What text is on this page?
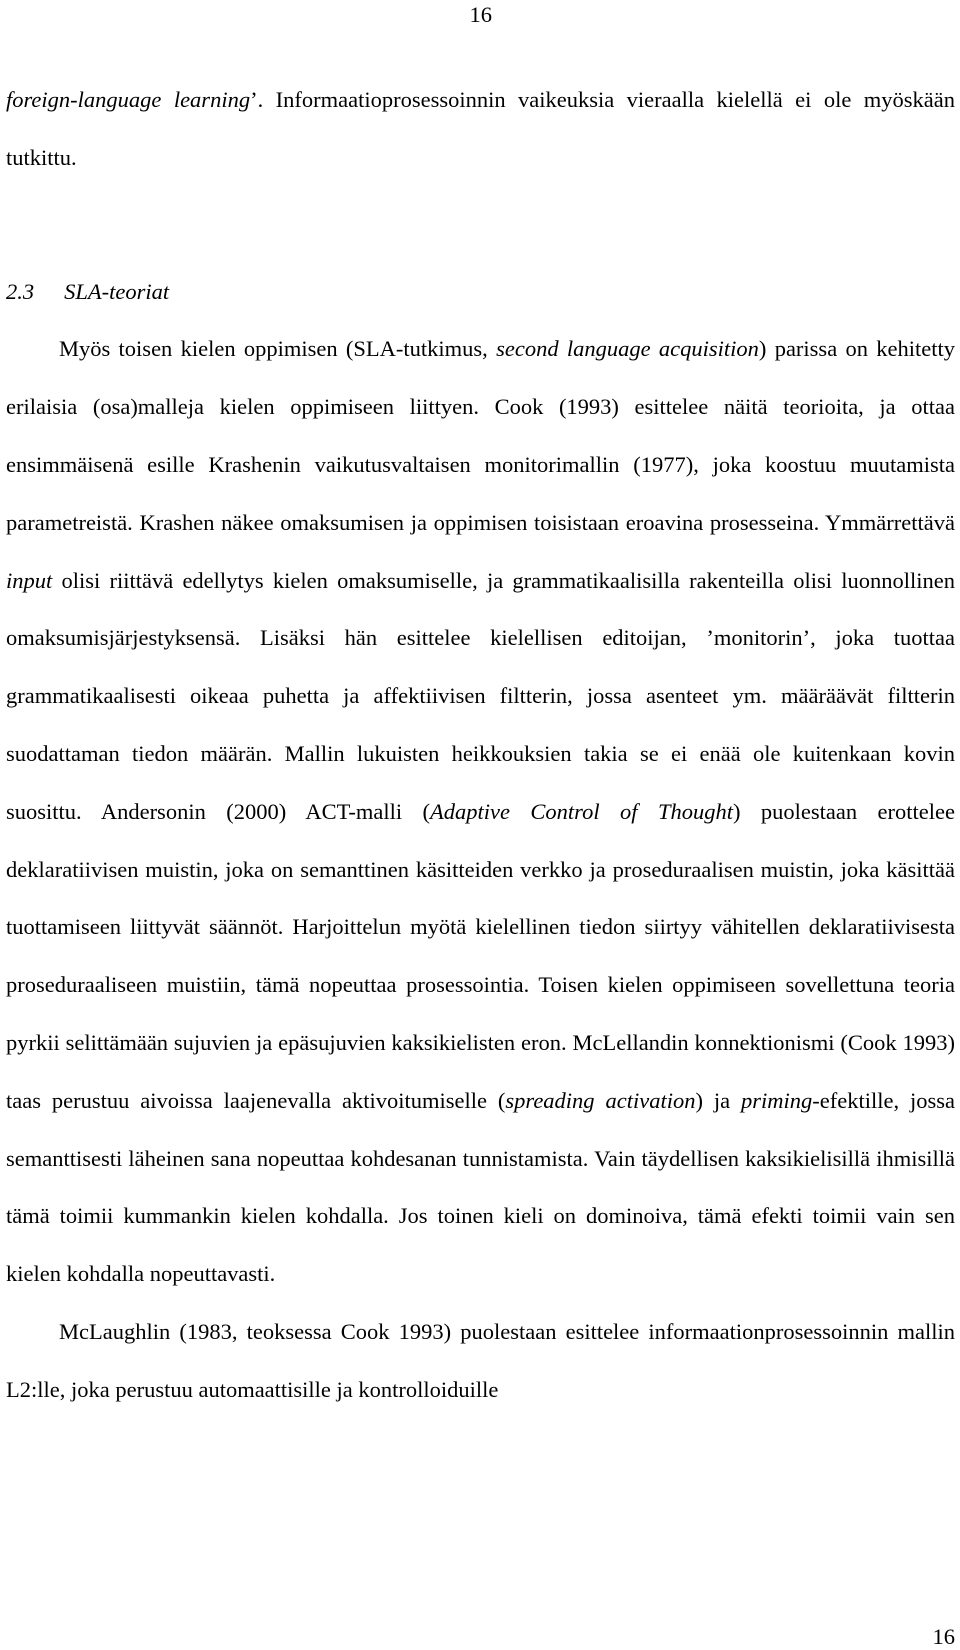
16

foreign-language learning’. Informaatioprosessoinnin vaikeuksia vieraalla kielellä ei ole myöskään tutkittu.

2.3 SLA-teoriat

Myös toisen kielen oppimisen (SLA-tutkimus, second language acquisition) parissa on kehitetty erilaisia (osa)malleja kielen oppimiseen liittyen. Cook (1993) esittelee näitä teorioita, ja ottaa ensimmäisenä esille Krashenin vaikutusvaltaisen monitorimallin (1977), joka koostuu muutamista parametreistä. Krashen näkee omaksumisen ja oppimisen toisistaan eroavina prosesseina. Ymmärrettävä input olisi riittävä edellytys kielen omaksumiselle, ja grammatikaalisilla rakenteilla olisi luonnollinen omaksumisjärjestyksensä. Lisäksi hän esittelee kielellisen editoijan, ’monitorin’, joka tuottaa grammatikaalisesti oikeaa puhetta ja affektiivisen filtterin, jossa asenteet ym. määräävät filtterin suodattaman tiedon määrän. Mallin lukuisten heikkouksien takia se ei enää ole kuitenkaan kovin suosittu. Andersonin (2000) ACT-malli (Adaptive Control of Thought) puolestaan erottelee deklaratiivisen muistin, joka on semanttinen käsitteiden verkko ja proseduraalisen muistin, joka käsittää tuottamiseen liittyvät säännöt. Harjoittelun myötä kielellinen tiedon siirtyy vähitellen deklaratiivisesta proseduraaliseen muistiin, tämä nopeuttaa prosessointia. Toisen kielen oppimiseen sovellettuna teoria pyrkii selittämään sujuvien ja epäsujuvien kaksikielisten eron. McLellandin konnektionismi (Cook 1993) taas perustuu aivoissa laajenevalla aktivoitumiselle (spreading activation) ja priming-efektille, jossa semanttisesti läheinen sana nopeuttaa kohdesanan tunnistamista. Vain täydellisen kaksikielisillä ihmisillä tämä toimii kummankin kielen kohdalla. Jos toinen kieli on dominoiva, tämä efekti toimii vain sen kielen kohdalla nopeuttavasti.

McLaughlin (1983, teoksessa Cook 1993) puolestaan esittelee informaationprosessoinnin mallin L2:lle, joka perustuu automaattisille ja kontrolloiduille

16
